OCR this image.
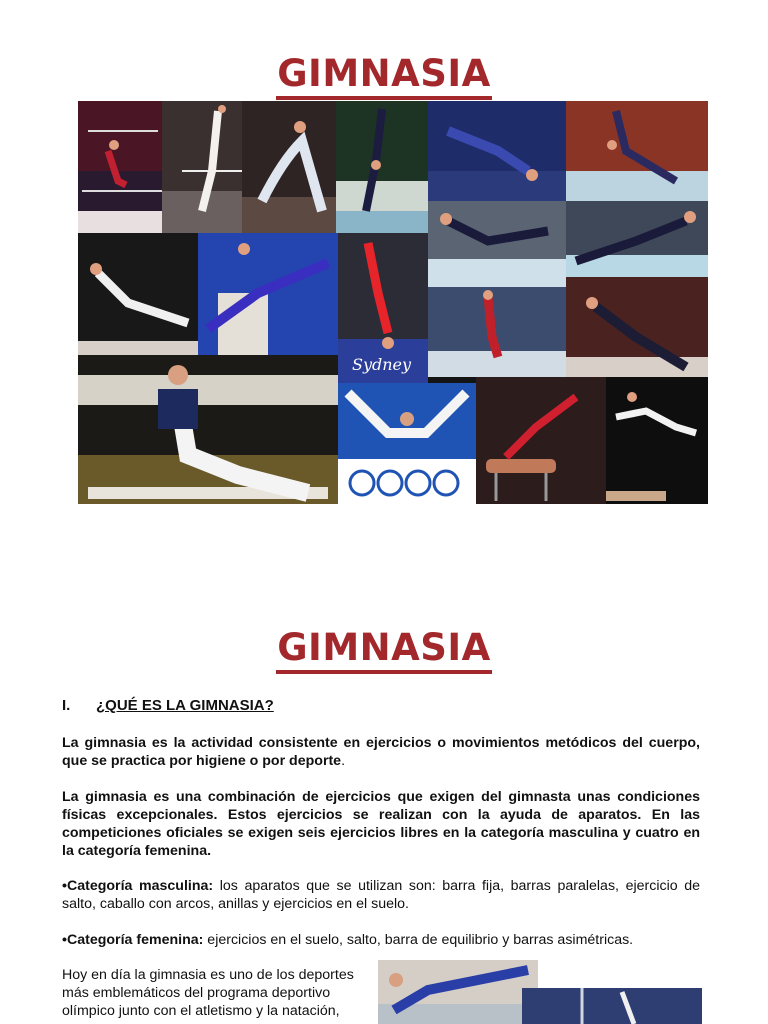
GIMNASIA
Sydney
GIMNASIA
I. ¿QUÉ ES LA GIMNASIA?
La gimnasia es la actividad consistente en ejercicios o movimientos metódicos del cuerpo, que se practica por higiene o por deporte.
La gimnasia es una combinación de ejercicios que exigen del gimnasta unas condiciones físicas excepcionales. Estos ejercicios se realizan con la ayuda de aparatos. En las competiciones oficiales se exigen seis ejercicios libres en la categoría masculina y cuatro en la categoría femenina.
•Categoría masculina: los aparatos que se utilizan son: barra fija, barras paralelas, ejercicio de salto, caballo con arcos, anillas y ejercicios en el suelo.
•Categoría femenina: ejercicios en el suelo, salto, barra de equilibrio y barras asimétricas.
Hoy en día la gimnasia es uno de los deportes más emblemáticos del programa deportivo olímpico junto con el atletismo y la natación,
